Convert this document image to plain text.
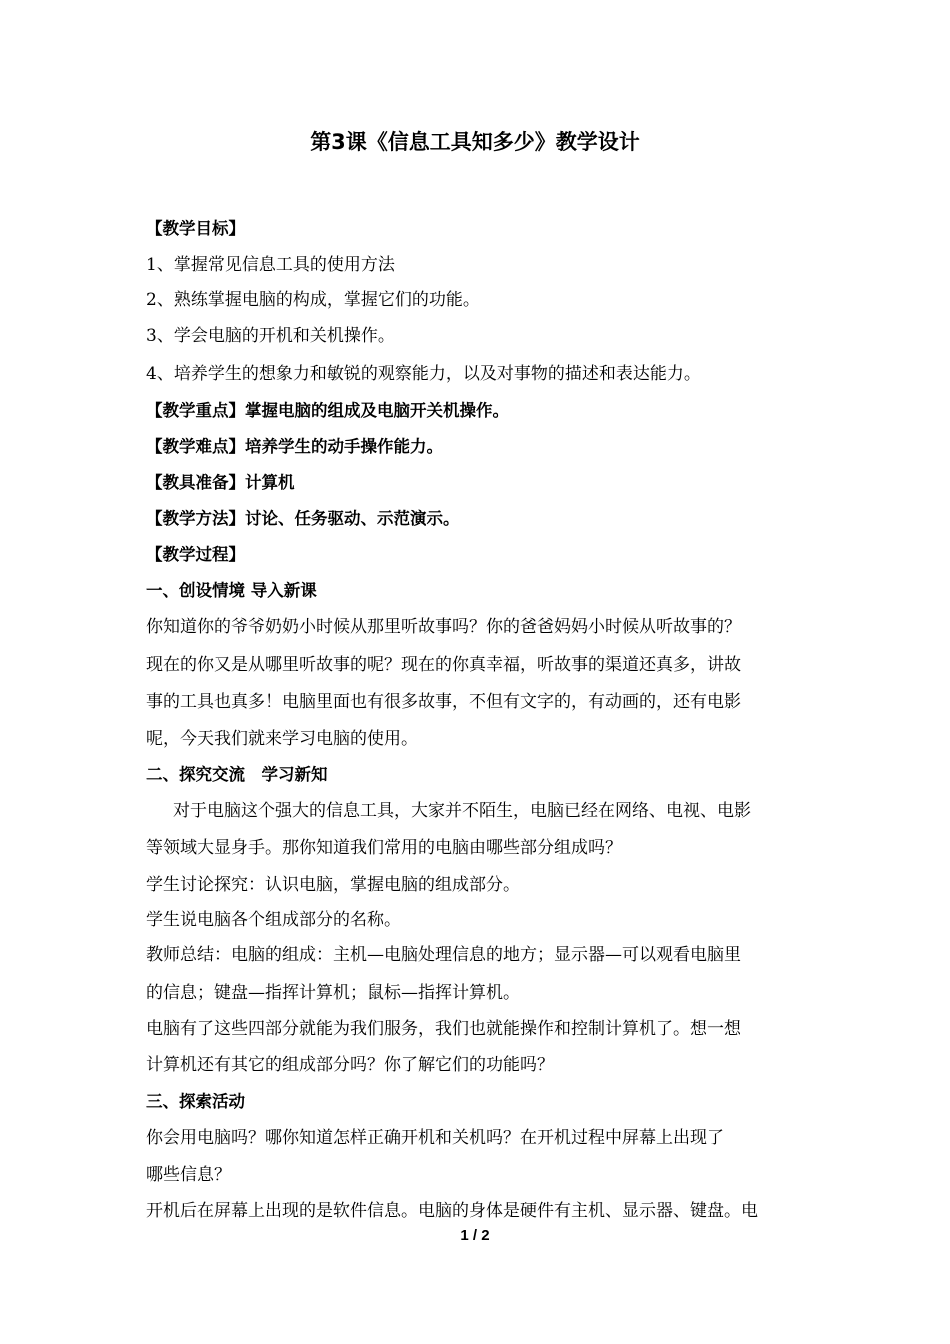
第3课《信息工具知多少》教学设计
【教学目标】
1、掌握常见信息工具的使用方法
2、熟练掌握电脑的构成，掌握它们的功能。
3、学会电脑的开机和关机操作。
4、培养学生的想象力和敏锐的观察能力，以及对事物的描述和表达能力。
【教学重点】掌握电脑的组成及电脑开关机操作。
【教学难点】培养学生的动手操作能力。
【教具准备】计算机
【教学方法】讨论、任务驱动、示范演示。
【教学过程】
一、创设情境 导入新课
你知道你的爷爷奶奶小时候从那里听故事吗？你的爸爸妈妈小时候从听故事的？
现在的你又是从哪里听故事的呢？现在的你真幸福，听故事的渠道还真多，讲故
事的工具也真多！电脑里面也有很多故事，不但有文字的，有动画的，还有电影
呢，今天我们就来学习电脑的使用。
二、探究交流　学习新知
对于电脑这个强大的信息工具，大家并不陌生，电脑已经在网络、电视、电影
等领域大显身手。那你知道我们常用的电脑由哪些部分组成吗？
学生讨论探究：认识电脑，掌握电脑的组成部分。
学生说电脑各个组成部分的名称。
教师总结：电脑的组成：主机—电脑处理信息的地方；显示器—可以观看电脑里
的信息；键盘—指挥计算机；鼠标—指挥计算机。
电脑有了这些四部分就能为我们服务，我们也就能操作和控制计算机了。想一想
计算机还有其它的组成部分吗？你了解它们的功能吗？
三、探索活动
你会用电脑吗？哪你知道怎样正确开机和关机吗？在开机过程中屏幕上出现了
哪些信息？
开机后在屏幕上出现的是软件信息。电脑的身体是硬件有主机、显示器、键盘。电
1 / 2
